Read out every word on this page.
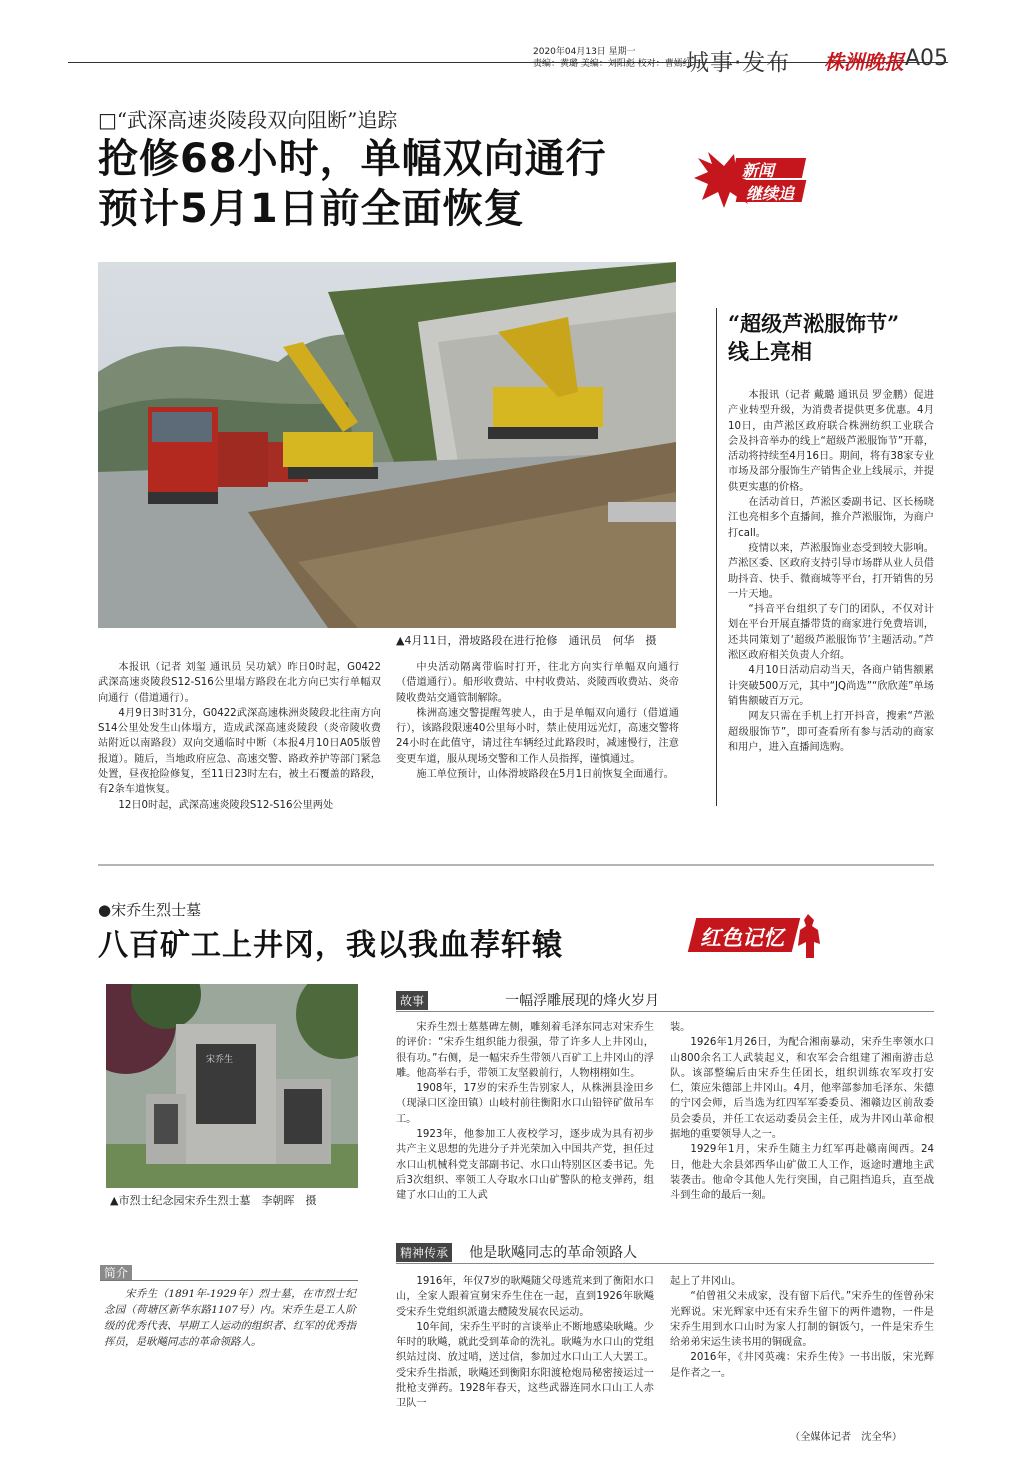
2020年04月13日 星期一
责编：黄璐 美编：刘阳彪 校对：曹嫣红
城事·发布 株洲晚报 A05
□“武深高速炎陵段双向阻断”追踪
抢修68小时，单幅双向通行
预计5月1日前全面恢复
新闻
继续追
▲4月11日，滑坡路段在进行抢修　通讯员　何华　摄

本报讯（记者 刘玺 通讯员 吴功斌）昨日0时起，G0422武深高速炎陵段S12-S16公里塌方路段在北方向已实行单幅双向通行（借道通行）。

4月9日3时31分，G0422武深高速株洲炎陵段北往南方向S14公里处发生山体塌方，造成武深高速炎陵段（炎帝陵收费站附近以南路段）双向交通临时中断（本报4月10日A05版曾报道）。随后，当地政府应急、高速交警、路政养护等部门紧急处置，昼夜抢险修复，至11日23时左右，被土石覆盖的路段，有2条车道恢复。

12日0时起，武深高速炎陵段S12-S16公里两处

中央活动隔离带临时打开，往北方向实行单幅双向通行（借道通行）。船形收费站、中村收费站、炎陵西收费站、炎帝陵收费站交通管制解除。

株洲高速交警提醒驾驶人，由于是单幅双向通行（借道通行），该路段限速40公里每小时，禁止使用远光灯，高速交警将24小时在此值守，请过往车辆经过此路段时，减速慢行，注意变更车道，服从现场交警和工作人员指挥，谨慎通过。

施工单位预计，山体滑坡路段在5月1日前恢复全面通行。

“超级芦淞服饰节”
线上亮相

本报讯（记者 戴璐 通讯员 罗金鹏）促进产业转型升级，为消费者提供更多优惠。4月10日，由芦淞区政府联合株洲纺织工业联合会及抖音举办的线上“超级芦淞服饰节”开幕，活动将持续至4月16日。期间，将有38家专业市场及部分服饰生产销售企业上线展示，并提供更实惠的价格。

在活动首日，芦淞区委副书记、区长杨晓江也亮相多个直播间，推介芦淞服饰，为商户打call。

疫情以来，芦淞服饰业态受到较大影响。芦淞区委、区政府支持引导市场群从业人员借助抖音、快手、微商城等平台，打开销售的另一片天地。

“抖音平台组织了专门的团队，不仅对计划在平台开展直播带货的商家进行免费培训，还共同策划了‘超级芦淞服饰节’主题活动。”芦淞区政府相关负责人介绍。

4月10日活动启动当天，各商户销售额累计突破500万元，其中“JQ尚选”“欣欣莲”单场销售额破百万元。

网友只需在手机上打开抖音，搜索“芦淞超级服饰节”，即可查看所有参与活动的商家和用户，进入直播间选购。

●宋乔生烈士墓
八百矿工上井冈，我以我血荐轩辕	红色记忆
宋乔生
▲市烈士纪念园宋乔生烈士墓　李朝晖　摄
简介

宋乔生（1891年-1929年）烈士墓，在市烈士纪念园（荷塘区新华东路1107号）内。宋乔生是工人阶级的优秀代表、早期工人运动的组织者、红军的优秀指挥员，是耿飚同志的革命领路人。

故事	一幅浮雕展现的烽火岁月

宋乔生烈士墓墓碑左侧，雕刻着毛泽东同志对宋乔生的评价：“宋乔生组织能力很强，带了许多人上井冈山，很有功。”右侧，是一幅宋乔生带领八百矿工上井冈山的浮雕。他高举右手，带领工友坚毅前行，人物栩栩如生。

1908年，17岁的宋乔生告别家人，从株洲县淦田乡（现渌口区淦田镇）山岐村前往衡阳水口山铅锌矿做吊车工。

1923年，他参加工人夜校学习，逐步成为具有初步共产主义思想的先进分子并光荣加入中国共产党，担任过水口山机械科党支部副书记、水口山特别区区委书记。先后3次组织、率领工人夺取水口山矿警队的枪支弹药，组建了水口山的工人武

装。

1926年1月26日，为配合湘南暴动，宋乔生率领水口山800余名工人武装起义，和农军会合组建了湘南游击总队。该部整编后由宋乔生任团长，组织训练农军攻打安仁，策应朱德部上井冈山。4月，他率部参加毛泽东、朱德的宁冈会师，后当选为红四军军委委员、湘赣边区前敌委员会委员，并任工农运动委员会主任，成为井冈山革命根据地的重要领导人之一。

1929年1月，宋乔生随主力红军再赴赣南闽西。24日，他赴大余县郊西华山矿做工人工作，返途时遭地主武装袭击。他命令其他人先行突围，自己阻挡追兵，直至战斗到生命的最后一刻。

精神传承 他是耿飚同志的革命领路人

1916年，年仅7岁的耿飚随父母逃荒来到了衡阳水口山，全家人跟着宣舅宋乔生住在一起，直到1926年耿飚受宋乔生党组织派遣去醴陵发展农民运动。

10年间，宋乔生平时的言谈举止不断地感染耿飚。少年时的耿飚，就此受到革命的洗礼。耿飚为水口山的党组织站过岗、放过哨，送过信，参加过水口山工人大罢工。受宋乔生指派，耿飚还到衡阳东阳渡枪炮局秘密接运过一批枪支弹药。1928年春天，这些武器连同水口山工人赤卫队一

起上了井冈山。

“伯曾祖父未成家，没有留下后代。”宋乔生的侄曾孙宋光辉说。宋光辉家中还有宋乔生留下的两件遗物，一件是宋乔生用到水口山时为家人打制的铜饭勺，一件是宋乔生给弟弟宋运生读书用的铜砚盒。

2016年，《井冈英魂：宋乔生传》一书出版，宋光辉是作者之一。

（全媒体记者　沈全华）
